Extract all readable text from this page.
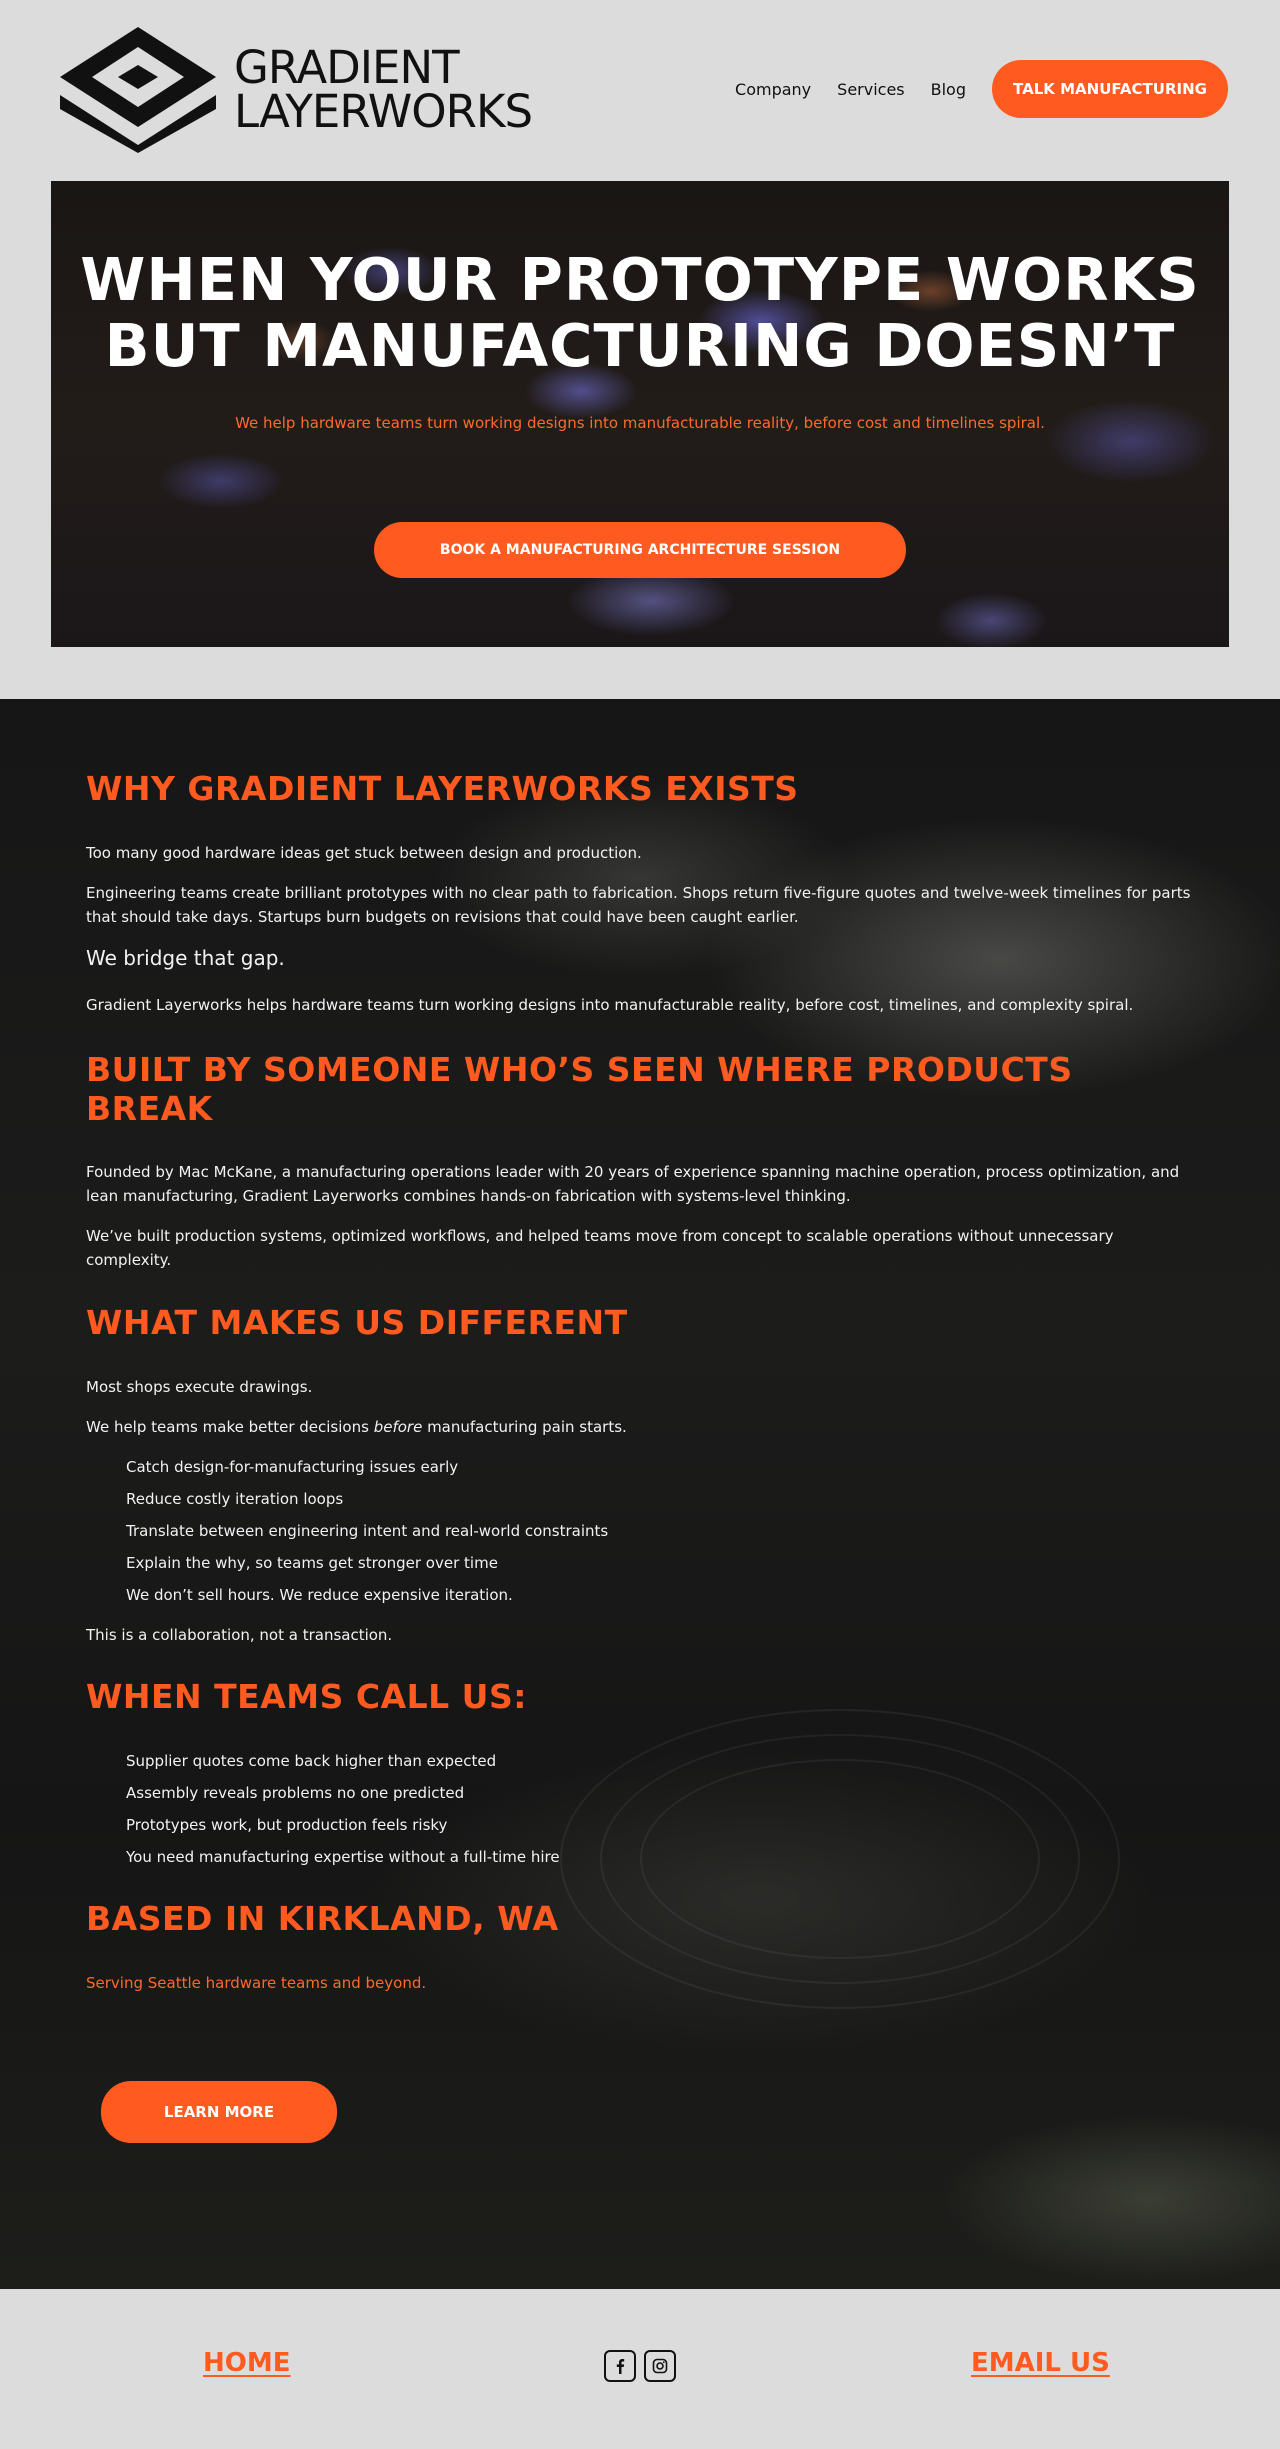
GRADIENT
LAYERWORKS	Company Services Blog	TALK MANUFACTURING
WHEN YOUR PROTOTYPE WORKS
BUT MANUFACTURING DOESN’T

We help hardware teams turn working designs into manufacturable reality, before cost and timelines spiral.

BOOK A MANUFACTURING ARCHITECTURE SESSION
WHY GRADIENT LAYERWORKS EXISTS

Too many good hardware ideas get stuck between design and production.

Engineering teams create brilliant prototypes with no clear path to fabrication. Shops return five-figure quotes and twelve-week timelines for parts that should take days. Startups burn budgets on revisions that could have been caught earlier.

We bridge that gap.

Gradient Layerworks helps hardware teams turn working designs into manufacturable reality, before cost, timelines, and complexity spiral.

BUILT BY SOMEONE WHO’S SEEN WHERE PRODUCTS
BREAK

Founded by Mac McKane, a manufacturing operations leader with 20 years of experience spanning machine operation, process optimization, and lean manufacturing, Gradient Layerworks combines hands-on fabrication with systems-level thinking.

We’ve built production systems, optimized workflows, and helped teams move from concept to scalable operations without unnecessary complexity.

WHAT MAKES US DIFFERENT

Most shops execute drawings.

We help teams make better decisions before manufacturing pain starts.

Catch design-for-manufacturing issues early
Reduce costly iteration loops
Translate between engineering intent and real-world constraints
Explain the why, so teams get stronger over time
We don’t sell hours. We reduce expensive iteration.

This is a collaboration, not a transaction.

WHEN TEAMS CALL US:
Supplier quotes come back higher than expected
Assembly reveals problems no one predicted
Prototypes work, but production feels risky
You need manufacturing expertise without a full-time hire
BASED IN KIRKLAND, WA

Serving Seattle hardware teams and beyond.

LEARN MORE
HOME	EMAIL US
